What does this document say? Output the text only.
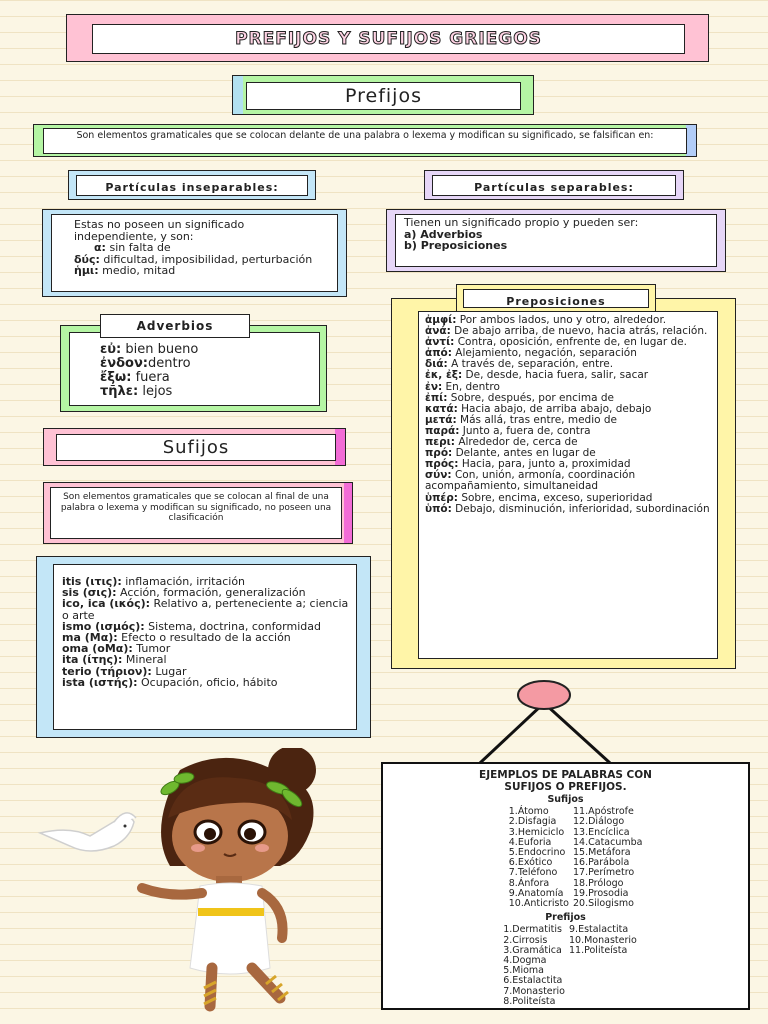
PREFIJOS Y SUFIJOS GRIEGOS
Prefijos
Son elementos gramaticales que se colocan delante de una palabra o lexema y modifican su significado, se falsifican en:
Partículas inseparables:	Partículas separables:
Estas no poseen un significado independiente, y son:
α: sin falta de
δύς: dificultad, imposibilidad, perturbación
ἡμι: medio, mitad
Tienen un significado propio y pueden ser:
a) Adverbios
b) Preposiciones
εὐ: bien bueno
ἐνδον:dentro
ἔξω: fuera
τῆλε: lejos
Adverbios
Sufijos
Son elementos gramaticales que se colocan al final de una palabra o lexema y modifican su significado, no poseen una clasificación
itis (ιτις): inflamación, irritación
sis (σις): Acción, formación, generalización
ico, ica (ικός): Relativo a, perteneciente a; ciencia o arte
ismo (ισμός): Sistema, doctrina, conformidad
ma (Μα): Efecto o resultado de la acción
oma (oΜα): Tumor
ita (ίτης): Mineral
terio (τήριον): Lugar
ista (ιστής): Ocupación, oficio, hábito
ἀμφί: Por ambos lados, uno y otro, alrededor.
ἀνά: De abajo arriba, de nuevo, hacia atrás, relación.
ἀντί: Contra, oposición, enfrente de, en lugar de.
ἀπό: Alejamiento, negación, separación
διά: A través de, separación, entre.
ἐκ, ἐξ: De, desde, hacia fuera, salir, sacar
ἐν: En, dentro
ἐπί: Sobre, después, por encima de
κατά: Hacia abajo, de arriba abajo, debajo
μετά: Más allá, tras entre, medio de
παρά: Junto a, fuera de, contra
περι: Alrededor de, cerca de
πρό: Delante, antes en lugar de
πρός: Hacia, para, junto a, proximidad
σύν: Con, unión, armonía, coordinación acompañamiento, simultaneidad
ὑπέρ: Sobre, encima, exceso, superioridad
ὑπό: Debajo, disminución, inferioridad, subordinación
Preposiciones
EJEMPLOS DE PALABRAS CON SUFIJOS O PREFIJOS.
Sufijos
1.Átomo
2.Disfagia
3.Hemiciclo
4.Euforia
5.Endocrino
6.Exótico
7.Teléfono
8.Ánfora
9.Anatomía
10.Anticristo
11.Apóstrofe
12.Diálogo
13.Encíclica
14.Catacumba
15.Metáfora
16.Parábola
17.Perímetro
18.Prólogo
19.Prosodia
20.Silogismo
Prefijos
1.Dermatitis
2.Cirrosis
3.Gramática
4.Dogma
5.Mioma
6.Estalactita
7.Monasterio
8.Politeísta
9.Estalactita
10.Monasterio
11.Politeísta
